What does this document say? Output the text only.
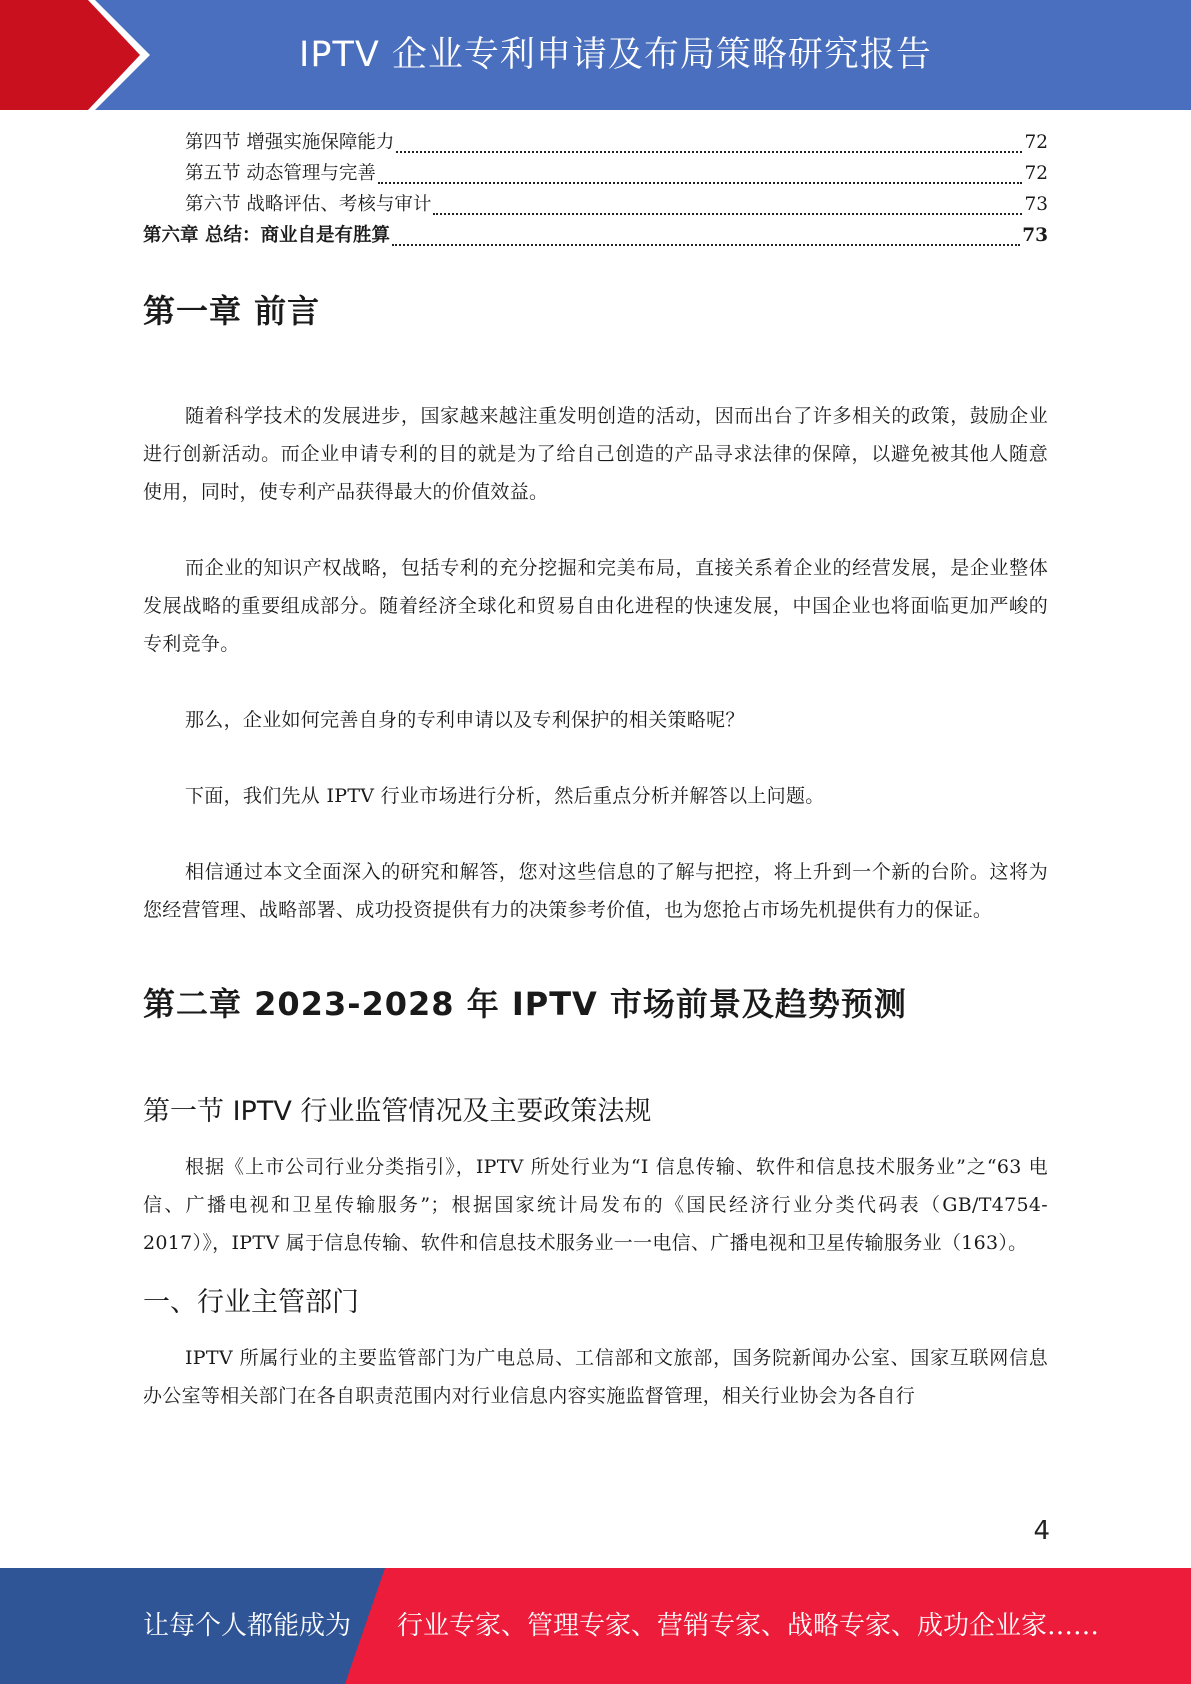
IPTV 企业专利申请及布局策略研究报告
第四节 增强实施保障能力	72
第五节 动态管理与完善	72
第六节 战略评估、考核与审计	73
第六章 总结：商业自是有胜算	73
第一章 前言

随着科学技术的发展进步，国家越来越注重发明创造的活动，因而出台了许多相关的政策，鼓励企业进行创新活动。而企业申请专利的目的就是为了给自己创造的产品寻求法律的保障，以避免被其他人随意使用，同时，使专利产品获得最大的价值效益。

而企业的知识产权战略，包括专利的充分挖掘和完美布局，直接关系着企业的经营发展，是企业整体发展战略的重要组成部分。随着经济全球化和贸易自由化进程的快速发展，中国企业也将面临更加严峻的专利竞争。

那么，企业如何完善自身的专利申请以及专利保护的相关策略呢？

下面，我们先从 IPTV 行业市场进行分析，然后重点分析并解答以上问题。

相信通过本文全面深入的研究和解答，您对这些信息的了解与把控，将上升到一个新的台阶。这将为您经营管理、战略部署、成功投资提供有力的决策参考价值，也为您抢占市场先机提供有力的保证。

第二章 2023-2028 年 IPTV 市场前景及趋势预测
第一节 IPTV 行业监管情况及主要政策法规

根据《上市公司行业分类指引》，IPTV 所处行业为“I 信息传输、软件和信息技术服务业”之“63 电信、广播电视和卫星传输服务”；根据国家统计局发布的《国民经济行业分类代码表（GB/T4754-2017）》，IPTV 属于信息传输、软件和信息技术服务业一一电信、广播电视和卫星传输服务业（163）。

一、行业主管部门

IPTV 所属行业的主要监管部门为广电总局、工信部和文旅部，国务院新闻办公室、国家互联网信息办公室等相关部门在各自职责范围内对行业信息内容实施监督管理，相关行业协会为各自行

4
让每个人都能成为 行业专家、管理专家、营销专家、战略专家、成功企业家……
